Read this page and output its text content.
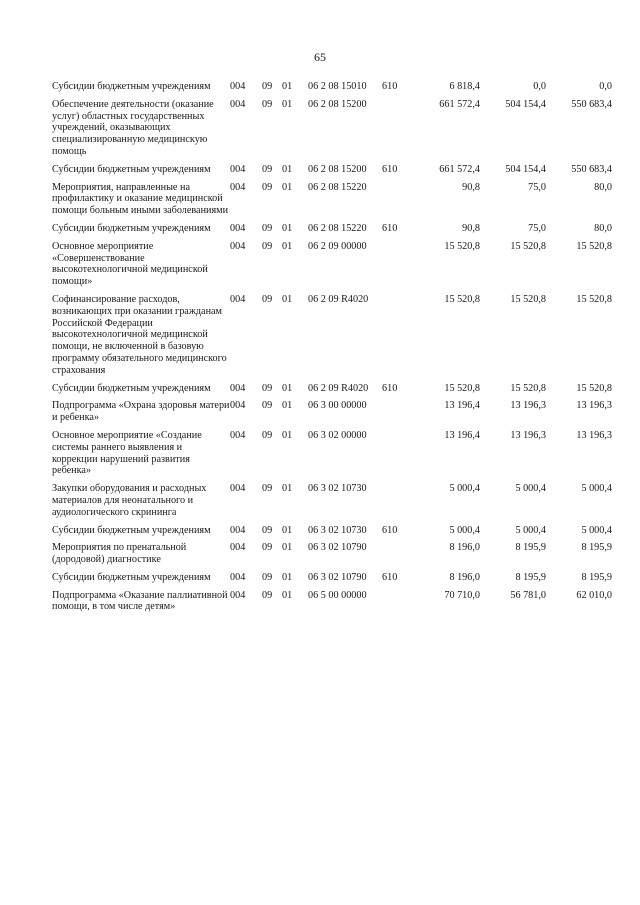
65
Субсидии бюджетным учреждениям	004	09	01	06 2 08 15010	610	6 818,4	0,0	0,0
Обеспечение деятельности (оказание услуг) областных государственных учреждений, оказывающих специализированную медицинскую помощь	004	09	01	06 2 08 15200		661 572,4	504 154,4	550 683,4
Субсидии бюджетным учреждениям	004	09	01	06 2 08 15200	610	661 572,4	504 154,4	550 683,4
Мероприятия, направленные на профилактику и оказание медицинской помощи больным иными заболеваниями	004	09	01	06 2 08 15220		90,8	75,0	80,0
Субсидии бюджетным учреждениям	004	09	01	06 2 08 15220	610	90,8	75,0	80,0
Основное мероприятие «Совершенствование высокотехнологичной медицинской помощи»	004	09	01	06 2 09 00000		15 520,8	15 520,8	15 520,8
Софинансирование расходов, возникающих при оказании гражданам Российской Федерации высокотехнологичной медицинской помощи, не включенной в базовую программу обязательного медицинского страхования	004	09	01	06 2 09 R4020		15 520,8	15 520,8	15 520,8
Субсидии бюджетным учреждениям	004	09	01	06 2 09 R4020	610	15 520,8	15 520,8	15 520,8
Подпрограмма «Охрана здоровья матери и ребенка»	004	09	01	06 3 00 00000		13 196,4	13 196,3	13 196,3
Основное мероприятие «Создание системы раннего выявления и коррекции нарушений развития ребенка»	004	09	01	06 3 02 00000		13 196,4	13 196,3	13 196,3
Закупки оборудования и расходных материалов для неонатального и аудиологического скрининга	004	09	01	06 3 02 10730		5 000,4	5 000,4	5 000,4
Субсидии бюджетным учреждениям	004	09	01	06 3 02 10730	610	5 000,4	5 000,4	5 000,4
Мероприятия по пренатальной (дородовой) диагностике	004	09	01	06 3 02 10790		8 196,0	8 195,9	8 195,9
Субсидии бюджетным учреждениям	004	09	01	06 3 02 10790	610	8 196,0	8 195,9	8 195,9
Подпрограмма «Оказание паллиативной помощи, в том числе детям»	004	09	01	06 5 00 00000		70 710,0	56 781,0	62 010,0
